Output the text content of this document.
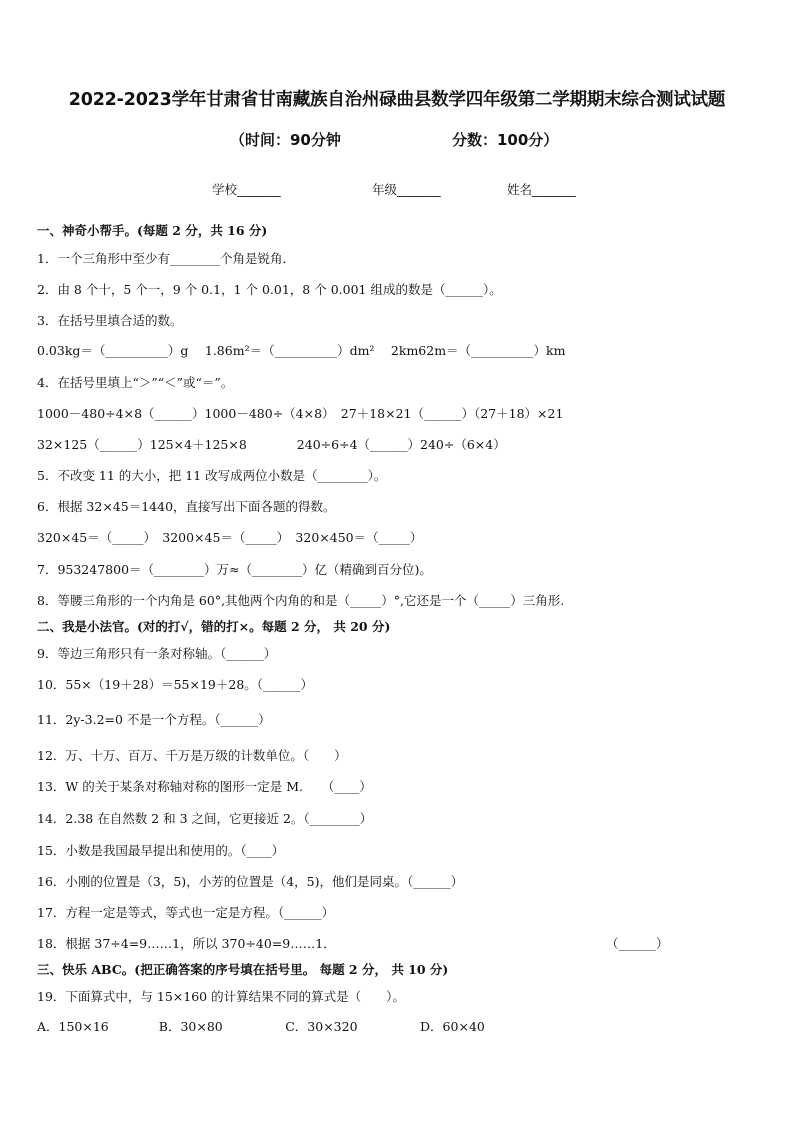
2022-2023学年甘肃省甘南藏族自治州碌曲县数学四年级第二学期期末综合测试试题
（时间：90分钟	分数：100分）
学校_______	年级_______	姓名_______
一、神奇小帮手。(每题 2 分，共 16 分)
1．一个三角形中至少有________个角是锐角．
2．由 8 个十，5 个一，9 个 0.1，1 个 0.01，8 个 0.001 组成的数是（______）。
3．在括号里填合适的数。
0.03kg＝（__________）g　 1.86m²＝（__________）dm²　 2km62m＝（__________）km
4．在括号里填上“＞”“＜”或“＝”。
1000－480÷4×8（______）1000－480÷（4×8）　27＋18×21（______）（27＋18）×21
32×125（______）125×4＋125×8　　　　240÷6÷4（______）240÷（6×4）
5．不改变 11 的大小，把 11 改写成两位小数是（________）。
6．根据 32×45＝1440，直接写出下面各题的得数。
320×45＝（_____）　3200×45＝（_____）　320×450＝（_____）
7．953247800＝（________）万≈（________）亿（精确到百分位)。
8．等腰三角形的一个内角是 60°,其他两个内角的和是（_____）°,它还是一个（_____）三角形.
二、我是小法官。(对的打√，错的打×。每题 2 分， 共 20 分)
9．等边三角形只有一条对称轴。（______）
10．55×（19＋28）＝55×19＋28。（______）
11．2y-3.2=0 不是一个方程。（______）
12．万、十万、百万、千万是万级的计数单位。（　　）
13．W 的关于某条对称轴对称的图形一定是 M.　　（____）
14．2.38 在自然数 2 和 3 之间，它更接近 2。（________）
15．小数是我国最早提出和使用的。（____）
16．小刚的位置是（3，5)，小芳的位置是（4，5)，他们是同桌。（______）
17．方程一定是等式，等式也一定是方程。（______）
18．根据 37÷4=9……1，所以 370÷40=9……1．	（______）
三、快乐 ABC。(把正确答案的序号填在括号里。 每题 2 分， 共 10 分)
19．下面算式中，与 15×160 的计算结果不同的算式是（　　）。
A．150×16　　　　B．30×80　　　　　C．30×320　　　　　D．60×40
